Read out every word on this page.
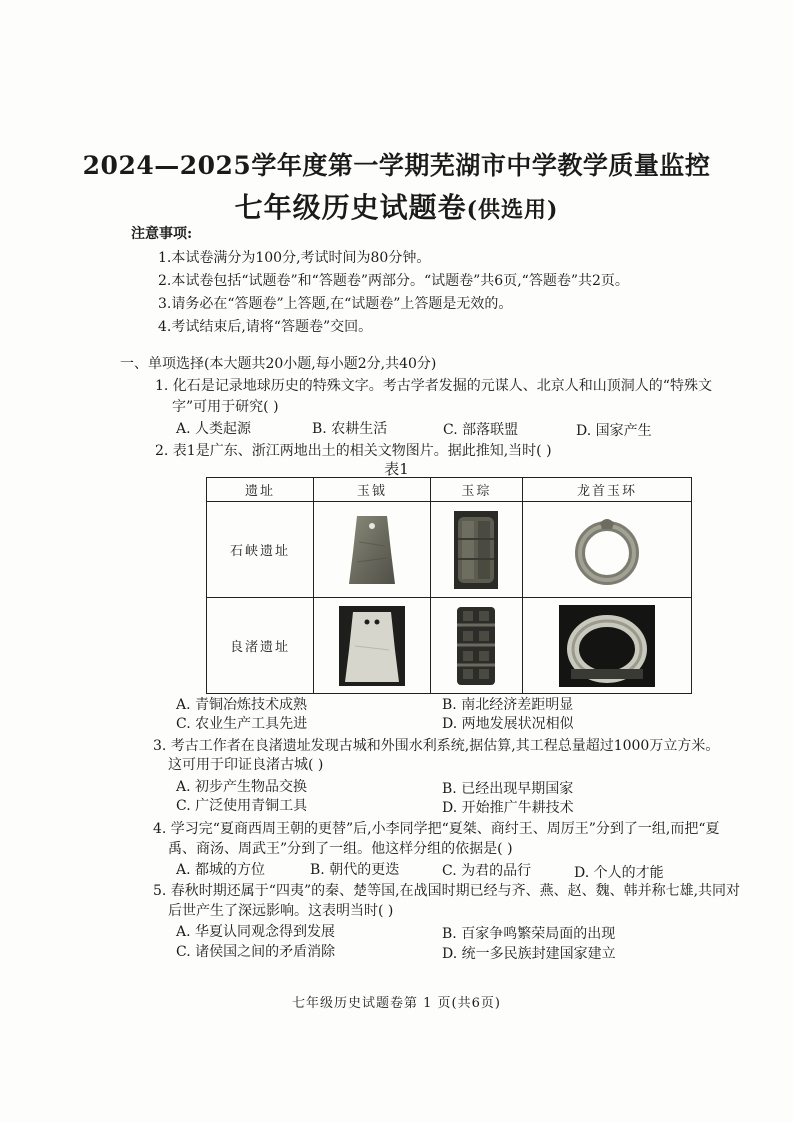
2024—2025学年度第一学期芜湖市中学教学质量监控
七年级历史试题卷(供选用)
注意事项:
1.本试卷满分为100分,考试时间为80分钟。
2.本试卷包括“试题卷”和“答题卷”两部分。“试题卷”共6页,“答题卷”共2页。
3.请务必在“答题卷”上答题,在“试题卷”上答题是无效的。
4.考试结束后,请将“答题卷”交回。
一、单项选择(本大题共20小题,每小题2分,共40分)
1. 化石是记录地球历史的特殊文字。考古学者发掘的元谋人、北京人和山顶洞人的“特殊文
字”可用于研究( )
A. 人类起源	B. 农耕生活	C. 部落联盟	D. 国家产生
2. 表1是广东、浙江两地出土的相关文物图片。据此推知,当时( )
表1
遗址	玉钺	玉琮	龙首玉环
石峡遗址	

良渚遗址	

A. 青铜冶炼技术成熟	B. 南北经济差距明显
C. 农业生产工具先进	D. 两地发展状况相似
3. 考古工作者在良渚遗址发现古城和外围水利系统,据估算,其工程总量超过1000万立方米。
这可用于印证良渚古城( )
A. 初步产生物品交换	B. 已经出现早期国家
C. 广泛使用青铜工具	D. 开始推广牛耕技术
4. 学习完“夏商西周王朝的更替”后,小李同学把“夏桀、商纣王、周厉王”分到了一组,而把“夏
禹、商汤、周武王”分到了一组。他这样分组的依据是( )
A. 都城的方位	B. 朝代的更迭	C. 为君的品行	D. 个人的才能
5. 春秋时期还属于“四夷”的秦、楚等国,在战国时期已经与齐、燕、赵、魏、韩并称七雄,共同对
后世产生了深远影响。这表明当时( )
A. 华夏认同观念得到发展	B. 百家争鸣繁荣局面的出现
C. 诸侯国之间的矛盾消除	D. 统一多民族封建国家建立
七年级历史试题卷第 1 页(共6页)
